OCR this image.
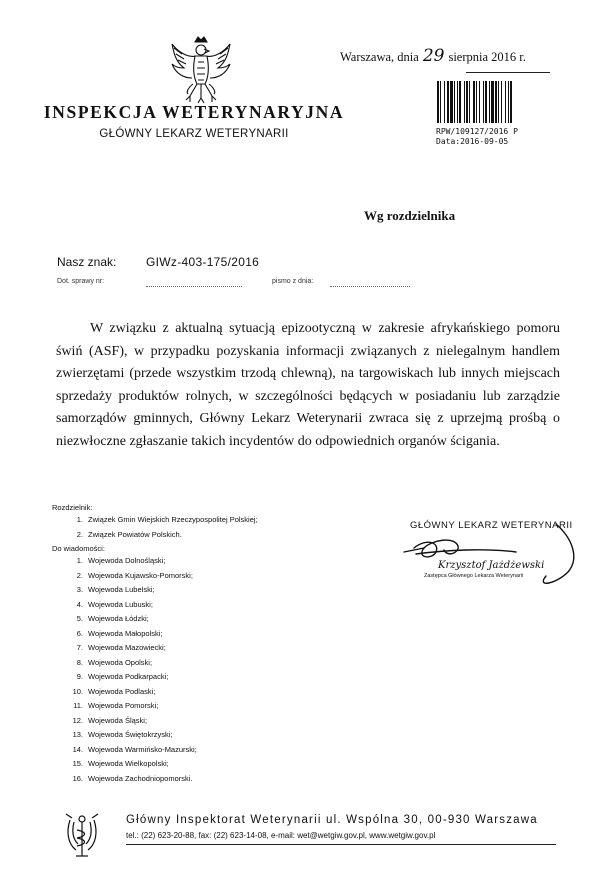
INSPEKCJA WETERYNARYJNA
GŁÓWNY LEKARZ WETERYNARII
Warszawa, dnia 29 sierpnia 2016 r.
RPW/109127/2016 P
Data:2016-09-05
Wg rozdzielnika
Nasz znak: GIWz-403-175/2016
Dot. sprawy nr:	pismo z dnia:

W związku z aktualną sytuacją epizootyczną w zakresie afrykańskiego pomoru świń (ASF), w przypadku pozyskania informacji związanych z nielegalnym handlem zwierzętami (przede wszystkim trzodą chlewną), na targowiskach lub innych miejscach sprzedaży produktów rolnych, w szczególności będących w posiadaniu lub zarządzie samorządów gminnych, Główny Lekarz Weterynarii zwraca się z uprzejmą prośbą o niezwłoczne zgłaszanie takich incydentów do odpowiednich organów ścigania.

Rozdzielnik:
1. Związek Gmin Wiejskich Rzeczypospolitej Polskiej;
2. Związek Powiatów Polskich.
Do wiadomości:
1. Wojewoda Dolnośląski;
2. Wojewoda Kujawsko-Pomorski;
3. Wojewoda Lubelski;
4. Wojewoda Lubuski;
5. Wojewoda Łódzki;
6. Wojewoda Małopolski;
7. Wojewoda Mazowiecki;
8. Wojewoda Opolski;
9. Wojewoda Podkarpacki;
10. Wojewoda Podlaski;
11. Wojewoda Pomorski;
12. Wojewoda Śląski;
13. Wojewoda Świętokrzyski;
14. Wojewoda Warmińsko-Mazurski;
15. Wojewoda Wielkopolski;
16. Wojewoda Zachodniopomorski.
GŁÓWNY LEKARZ WETERYNARII
Krzysztof Jażdżewski
Zastępca Głównego Lekarza Weterynarii
Główny Inspektorat Weterynarii ul. Wspólna 30, 00-930 Warszawa
tel.: (22) 623-20-88, fax: (22) 623-14-08, e-mail: wet@wetgiw.gov.pl, www.wetgiw.gov.pl
